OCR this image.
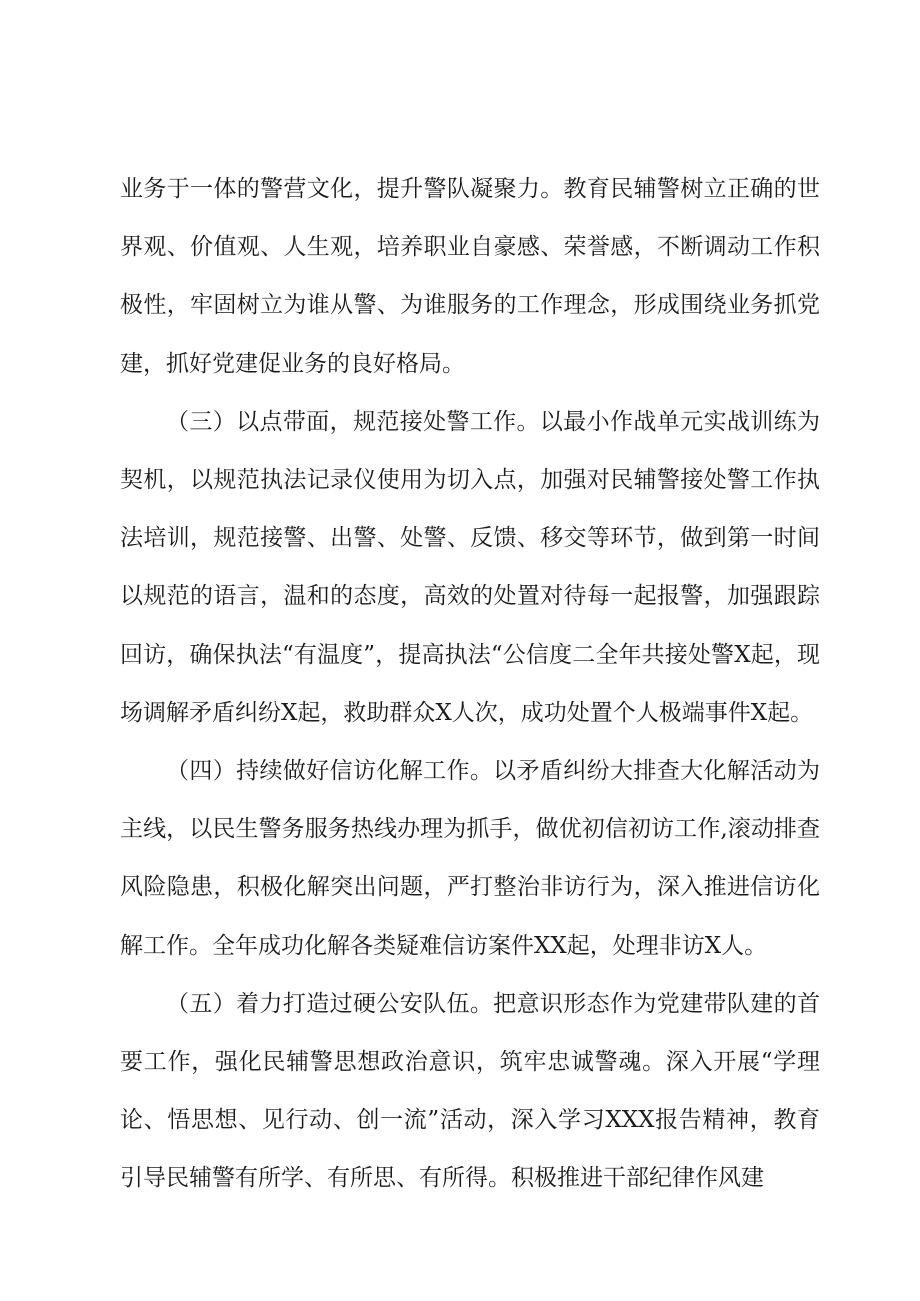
业务于一体的警营文化，提升警队凝聚力。教育民辅警树立正确的世界观、价值观、人生观，培养职业自豪感、荣誉感，不断调动工作积极性，牢固树立为谁从警、为谁服务的工作理念，形成围绕业务抓党建，抓好党建促业务的良好格局。

（三）以点带面，规范接处警工作。以最小作战单元实战训练为契机，以规范执法记录仪使用为切入点，加强对民辅警接处警工作执法培训，规范接警、出警、处警、反馈、移交等环节，做到第一时间以规范的语言，温和的态度，高效的处置对待每一起报警，加强跟踪回访，确保执法“有温度”，提高执法“公信度二全年共接处警X起，现场调解矛盾纠纷X起，救助群众X人次，成功处置个人极端事件X起。

（四）持续做好信访化解工作。以矛盾纠纷大排查大化解活动为主线，以民生警务服务热线办理为抓手，做优初信初访工作,滚动排查风险隐患，积极化解突出问题，严打整治非访行为，深入推进信访化解工作。全年成功化解各类疑难信访案件XX起，处理非访X人。

（五）着力打造过硬公安队伍。把意识形态作为党建带队建的首要工作，强化民辅警思想政治意识，筑牢忠诚警魂。深入开展“学理论、悟思想、见行动、创一流”活动，深入学习XXX报告精神，教育引导民辅警有所学、有所思、有所得。积极推进干部纪律作风建
